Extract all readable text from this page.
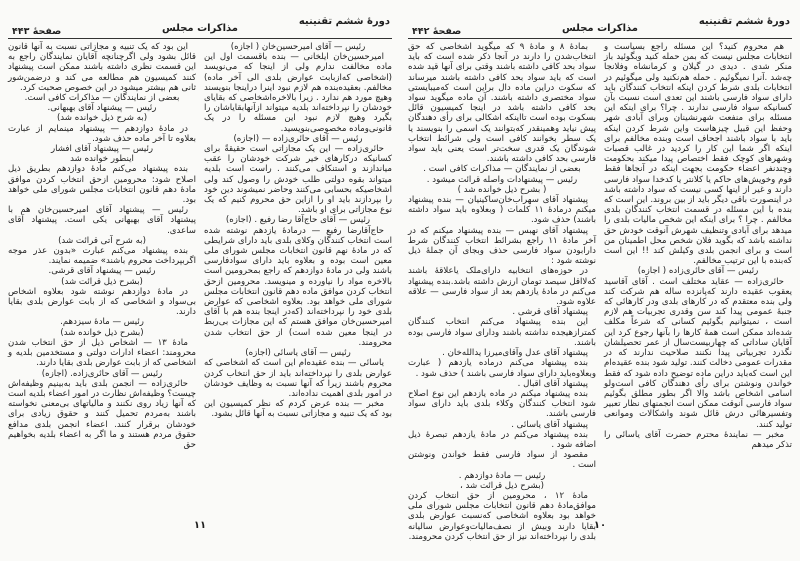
دورهٔ ششم تقنینیه
مذاکرات مجلس
صفحهٔ ۴۴۳

رئیس — آقای امیرحسین‌خان ( اجازه)

امیرحسین‌خان ایلخانی — بنده باقسمت اول این ماده مخالفت ندارم ولی از اینجا که می‌نویسد (اشخاصی که‌ازبابت عوارض بلدی الی آخر ماده) مخالفم. بعقیده‌بنده هم لازم نبود اینرا دراینجا بنویسند وهیچ مورد هم ندارد . زیرا بالاخره‌اشخاصی که بقایای خودشان را نپرداخته‌اند بلدیه میتواند ازآنهابقایاشان را بگیرد وهیچ لازم نبود این مسئله را در یک قانونی‌وماده مخصوصی‌بنویسید.

رئیس — آقای حائری‌زاده — (اجازه)

حائری‌زاده — این یک مجازاتی است حقیقةً برای کسانیکه درکارهای خیر شرکت خودشان را عقب میاندازند و استنکاف می‌کنند . راست است بلدیه میتواند بقوه دولتی طلب خودش را وصول کند ولی اشخاصیکه بحسابی می‌کنند وحاضر نمیشوند دین خود را بپردازند باید او را ازاین حق محروم کنیم که یک نوع مجازاتی برای او باشد.

رئیس — آقای حاج‌آقا رضا رفیع . (اجازه)

حاج‌آقارضا رفیع — درمادهٔ یازدهم نوشته شده است انتخاب کنندگان وکلای بلدی باید دارای شرایطی که در مادهٔ نهم قانون انتخابات مجلس شورای ملی معین است بوده و بعلاوه باید دارای سوادفارسی باشند ولی در مادهٔ دوازدهم که راجع بمحرومین است بالاخره مواد را نیاورده و مینویسد. محرومین ازحق انتخاب کردن موافق ماده دهم قانون انتخابات مجلس شورای ملی خواهد بود. بعلاوه اشخاصی که عوارض بلدی خود را نپرداخته‌اند (که‌در اینجا بنده هم با آقای امیرحسین‌خان موافق هستم که این مجازات بی‌ربط در اینجا معین شده است) از حق انتخاب شدن محرومند.

رئیس — آقای یاسائی (اجازه)

یاسائی — بنده عقیده‌ام این است که اشخاصی که عوارض بلدی را نپرداخته‌اند باید از حق انتخاب کردن محروم باشند زیرا که آنها نسبت به وظایف خودشان در امور بلدی اهمیت نداده‌اند.

مخبر — بنده عرض کردم که نظر کمیسیون این بود که یک تنبیه و مجازاتی نسبت به آنها قائل بشود.

این بود که یک تنبیه و مجازاتی نسبت به آنها قانون قائل بشود ولی اگرچنانچه آقایان نمایندگان راجع به این قسمت نظری داشته باشند ممکن است پیشنهاد کنند کمیسیون هم مطالعه می کند و درضمن‌شور ثانی هم بیشتر میشود در این خصوص صحبت کرد.

بعضی از نمایندگان — مذاکرات کافی است.

رئیس — پیشنهاد آقای بهبهانی.

(به شرح ذیل خوانده شد)

در مادهٔ دوازدهم — پیشنهاد مینمایم از عبارت بعلاوه تا آخر ماده حذف شود.

رئیس — پیشنهاد آقای افشار

اینطور خوانده شد

بنده پیشنهاد می‌کنم مادهٔ دوازدهم بطریق ذیل اصلاح شود: محرومین ازحق انتخاب کردن موافق مادهٔ دهم قانون انتخابات مجلس شورای ملی خواهد بود.

رئیس — پیشنهاد آقای امیرحسین‌خان هم با پیشنهاد آقای بهبهانی یکی است. پیشنهاد آقای ساعدی.

(به شرح آتی قرائت شد)

بنده پیشنهاد می‌کنم عبارت «بدون عذر موجه اگربپرداخت محروم باشند» ضمیمه نمایند.

رئیس — پیشنهاد آقای قرشی.

(بشرح ذیل قرائت شد)

در مادهٔ دوازدهم نوشته شود بعلاوه اشخاص بی‌سواد و اشخاصی که از بابت عوارض بلدی بقایا دارند.

رئیس — مادهٔ سیزدهم.

(بشرح ذیل خوانده شد)

مادهٔ ۱۳ — اشخاص ذیل از حق انتخاب شدن محرومند: اعضاء ادارات دولتی و مستخدمین بلدیه و اشخاصی که از بابت عوارض بلدی بقایا دارند.

رئیس — آقای حائری‌زاده. (اجازه)

حائری‌زاده — انجمن بلدی باید به‌بینیم وظیفه‌اش چیست؟ وظیفه‌اش نظارت در امور اعضاء بلدیه است که آنها زیاد روی نکنند و مالیاتهای بی‌معنی نخواسته باشند به‌مردم تحمیل کنند و حقوق زیادی برای خودشان برقرار کنند. اعضاء انجمن بلدی مدافع حقوق مردم هستند و ما اگر به اعضاء بلدیه بخواهیم حق

۱۱
دورهٔ ششم تقنینیه
مذاکرات مجلس
صفحهٔ ۴۴۲

هم محروم کنید؟ این مسئله راجع بسیاست و انتخابات مجلس نیست که بمن حمله کنید وبگوئید باز منکر شدی . دیدی در گیلان و کرمانشاه وفلانجا چه‌شد .آنرا نمیگوئیم . حمله هم‌نکنید ولی میگوئیم در انتخابات بلدی شرط کردن اینکه انتخاب کنندگان باید دارای سواد فارسی باشند این تعدی است نسبت بآن کسانیکه سواد فارسی ندارند . چرا؟ برای اینکه این مسئله برای منفعت شهرنشینان وبرای آبادی شهر وحفظ این قبیل چیزهاست واین شرط کردن اینکه باید با سواد باشند اجحاف است وبنده مخالفم برای اینکه اگر شما این کار را کردید در غالب قصبات وشهرهای کوچک فقط اختصاص پیدا میکند بحکومت وچندنفر اعضاء حکومت بجهت اینکه در آنجاها فقط قوم وخویش‌های حاکم یا کلانتر یا کدخدا سواد فارسی دارند و غیر از اینها کسی نیست که سواد داشته باشد در اینصورت باقی دیگر باید از بین بروند. این است که بنده با این مسئله در قسمت انتخاب کنندگان بلدی مخالفم . چرا ؟ برای اینکه این شخص مالیات بلدی را میدهد برای آبادی وتنظیف شهرش آنوقت خودش حق نداشته باشد که بگوید فلان شخص محل اطمینان من است و برای انجمن بلدی وکیلش کند !! این است که‌بنده با این ترتیب مخالفم.

رئیس — آقای حائری‌زاده ( اجازه)

حائری‌زاده — عقاید مختلف است . آقای آقاسید یعقوب عقیده دارند که‌پانزده ساله هم شرکت کند ولی بنده معتقدم که در کارهای بلدی ودر کارهائی که جنبهٔ عمومی پیدا کند سن وقدری تجربیات هم لازم است ، نمیتوانیم بگوئیم کسانی که شرعاً مکلف شده‌اند ممکن است همهٔ کارها را بآنها رجوع کرد این آقایان ساداتی که چهاربیست‌سال از عمر تحصیلشان نگذرد تجربیاتی پیدا نکنند صلاحیت ندارند که در مقدرات عمومی دخالت کنند. تولید شود بنده عقیده‌ام این است که‌باید دراین ماده توضیح داده شود که فقط خواندن ونوشتن برای رأی دهندگان کافی است‌ولو اسامی اشخاص باشد والا اگر بطور مطلق بگوئیم سواد فارسی آنوقت ممکن است انجمنهای نظار تعبیر وتفسیرهائی درش قائل شوند واشکالات وموانعی تولید کنند.

مخبر — نمایندهٔ محترم حضرت آقای یاسائی را تذکر میدهم

بمادهٔ ۸ و مادهٔ ۹ که میگوید اشخاصی که حق انتخاب‌شدن را دارند در آنجا ذکر شده است که باید سواد بحد کافی داشته باشند وقتی برای آنها قید شده است که باید سواد بحد کافی داشته باشند میرساند که سکوت دراین ماده دال براین است که‌میبایستی سواد مختصری داشته باشند. آن ماده میگوید سواد بحد کافی داشته باشد در اینجا کمیسیون قائل بسکوت بوده است تااینکه اشکالی برای رأی دهندگان پیش نیاید وهمینقدر که‌بتوانند یک اسمی را بنویسند یا یک سطر بخوانند کافی است ولی شرائط انتخاب شوندگان یک قدری سخت‌تر است یعنی باید سواد فارسی بحد کافی داشته باشند.

بعضی از نمایندگان — مذاکرات کافی است .

رئیس — پیشنهادات واصله قرائت میشود .

( بشرح ذیل خوانده شد )

پیشنهاد آقای سهراب‌خان‌ساکینیان — بنده پیشنهاد میکنم درمادهٔ ۱۱ کلمات ( وبعلاوه باید سواد داشته باشند) حذف شود.

پیشنهاد آقای نهبس — بنده پیشنهاد میکنم که در آخر مادهٔ ۱۱ راجع بشرائط انتخاب کنندگان شرط دارابودن سواد فارسی حذف وبجای آن جملهٔ ذیل نوشته شود :

در حوزه‌های انتخابیه دارای‌ملک یاعلاقهٔ باشند که‌لااقل سیصد تومان ارزش داشته باشد.بنده پیشنهاد می‌کنم در مادهٔ یازدهم بعد از سواد فارسی — علاقه علاوه شود.

پیشنهاد آقای قرشی .

این بنده پیشنهاد می‌کنم انتخاب کنندگان کمتراز‌هیجده نداشته باشند ودارای سواد فارسی بوده باشند.

پیشنهاد آقای عدل وآقای‌میرزا یدالله‌خان .

بنده پیشنهاد می‌کنم درماده یازدهم ( عبارت وبعلاوه‌باید دارای سواد فارسی باشند ) حذف شود .

پیشنهاد آقای اقبال .

بنده پیشنهاد میکنم در ماده یازدهم این نوع اصلاح شود انتخاب کنندگان وکلاء بلدی باید دارای سواد فارسی باشند.

پیشنهاد آقای یاسائی .

بنده پیشنهاد می‌کنم در مادهٔ یازدهم تبصرهٔ ذیل اضافه شود .

مقصود از سواد فارسی فقط خواندن ونوشتن است .

رئیس — مادهٔ دوازدهم .

(بشرح ذیل قرائت شد ،

مادهٔ ۱۲ ، محرومین از حق انتخاب کردن موافق‌مادهٔ دهم قانون انتخابات مجلس شورای ملی خواهد بود بعلاوه اشخاصی که‌نسبت عوارض بلدی بقایا دارند وبیش از نصف‌مالیات‌وعوارض سالیانه بلدی را نپرداخته‌اند نیز از حق انتخاب کردن محرومند.

۱۰
